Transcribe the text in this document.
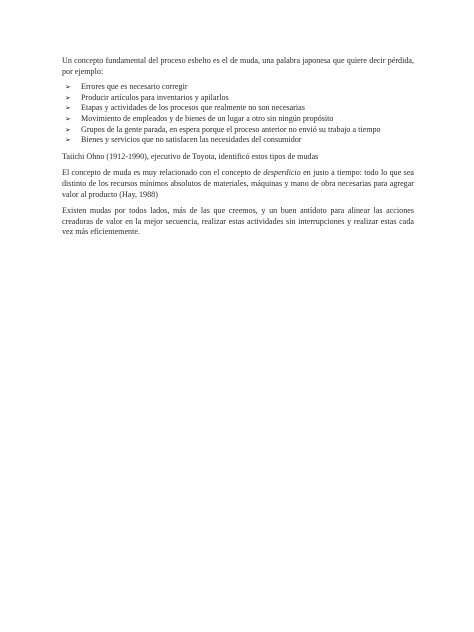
Un concepto fundamental del proceso esbelto es el de muda, una palabra japonesa que quiere decir pérdida, por ejemplo:

➢ Errores que es necesario corregir
➢ Producir artículos para inventarios y apilarlos
➢ Etapas y actividades de los procesos que realmente no son necesarias
➢ Movimiento de empleados y de bienes de un lugar a otro sin ningún propósito
➢ Grupos de la gente parada, en espera porque el proceso anterior no envió su trabajo a tiempo
➢ Bienes y servicios que no satisfacen las necesidades del consumidor

Taiichi Ohno (1912-1990), ejecutivo de Toyota, identificó estos tipos de mudas

El concepto de muda es muy relacionado con el concepto de desperdicio en justo a tiempo: todo lo que sea distinto de los recursos mínimos absolutos de materiales, máquinas y mano de obra necesarias para agregar valor al producto (Hay, 1988)

Existen mudas por todos lados, más de las que creemos, y un buen antídoto para alinear las acciones creadoras de valor en la mejor secuencia, realizar estas actividades sin interrupciones y realizar estas cada vez más eficientemente.
